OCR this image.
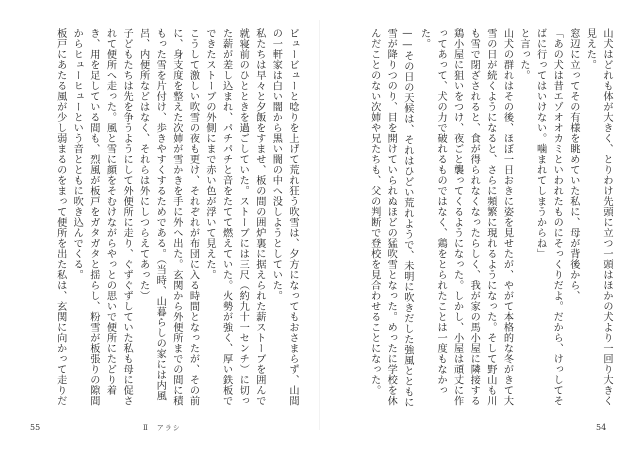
ビュービューと唸りを上げて荒れ狂う吹雪は、夕方になってもおさまらず、山間の一軒家は白い闇から黒い闇の中へ没しようとしていた。

私たちは早々と夕飯をすませ、板の間の囲炉裏に据えられた薪ストーブを囲んで就寝前のひとときを過ごしていた。ストーブには三尺（約九十一センチ）に切った薪が差し込まれ、パチパチと音をたてて燃えていた。火勢が強く、厚い鉄板でできたストーブの外側にまで赤い色が浮いて見えた。

こうして激しい吹雪の夜も更け、それぞれが布団に入る時間となったが、その前に、身支度を整えた次姉が雪かきを手に外へ出た。玄関から外便所までの間に積もった雪を片付け、歩きやすくするためである。（当時、山暮らしの家には内風呂、内便所などはなく、それらは外にしつらえてあった）

子どもたちは先を争うようにして外便所に走り、ぐずぐずしていた私も母に促されて便所へ走った。風と雪に顔をそむけながらやっとの思いで便所にたどり着き、用を足している間も、烈風が板戸をガタガタと揺らし、粉雪が板張りの隙間からヒューヒューという音とともに吹き込んでくる。

板戸にあたる風が少し弱まるのをまって便所を出た私は、玄関に向かって走りだ	山犬はどれも体が大きく、とりわけ先頭に立つ一頭はほかの犬より一回り大きく見えた。

窓辺に立ってその有様を眺めていた私に、母が背後から、

「あの犬は昔エゾオオカミといわれたものにそっくりだよ。だから、けっしてそばに行ってはいけない。噛まれてしまうからね」

と言った。

山犬の群れはその後、ほぼ一日おきに姿を見せたが、やがて本格的な冬がきて大雪の日が続くようになると、さらに頻繁に現れるようになった。そして野山も川も雪で閉ざされると、食が得られなくなったらしく、我が家の馬小屋に隣接する鶏小屋に狙いをつけ、夜ごと襲ってくるようになった。しかし、小屋は頑丈に作ってあって、犬の力で破れるものではなく、鶏をとられたことは一度もなかった。

——その日の天候は、それはひどい荒れようで、未明に吹きだした強風とともに雪が降りつのり、目を開けていられぬほどの猛吹雪となった。めったに学校を休んだことのない次姉や兄たちも、父の判断で登校を見合わせることになった。

55	Ⅱ　アラシ	54
